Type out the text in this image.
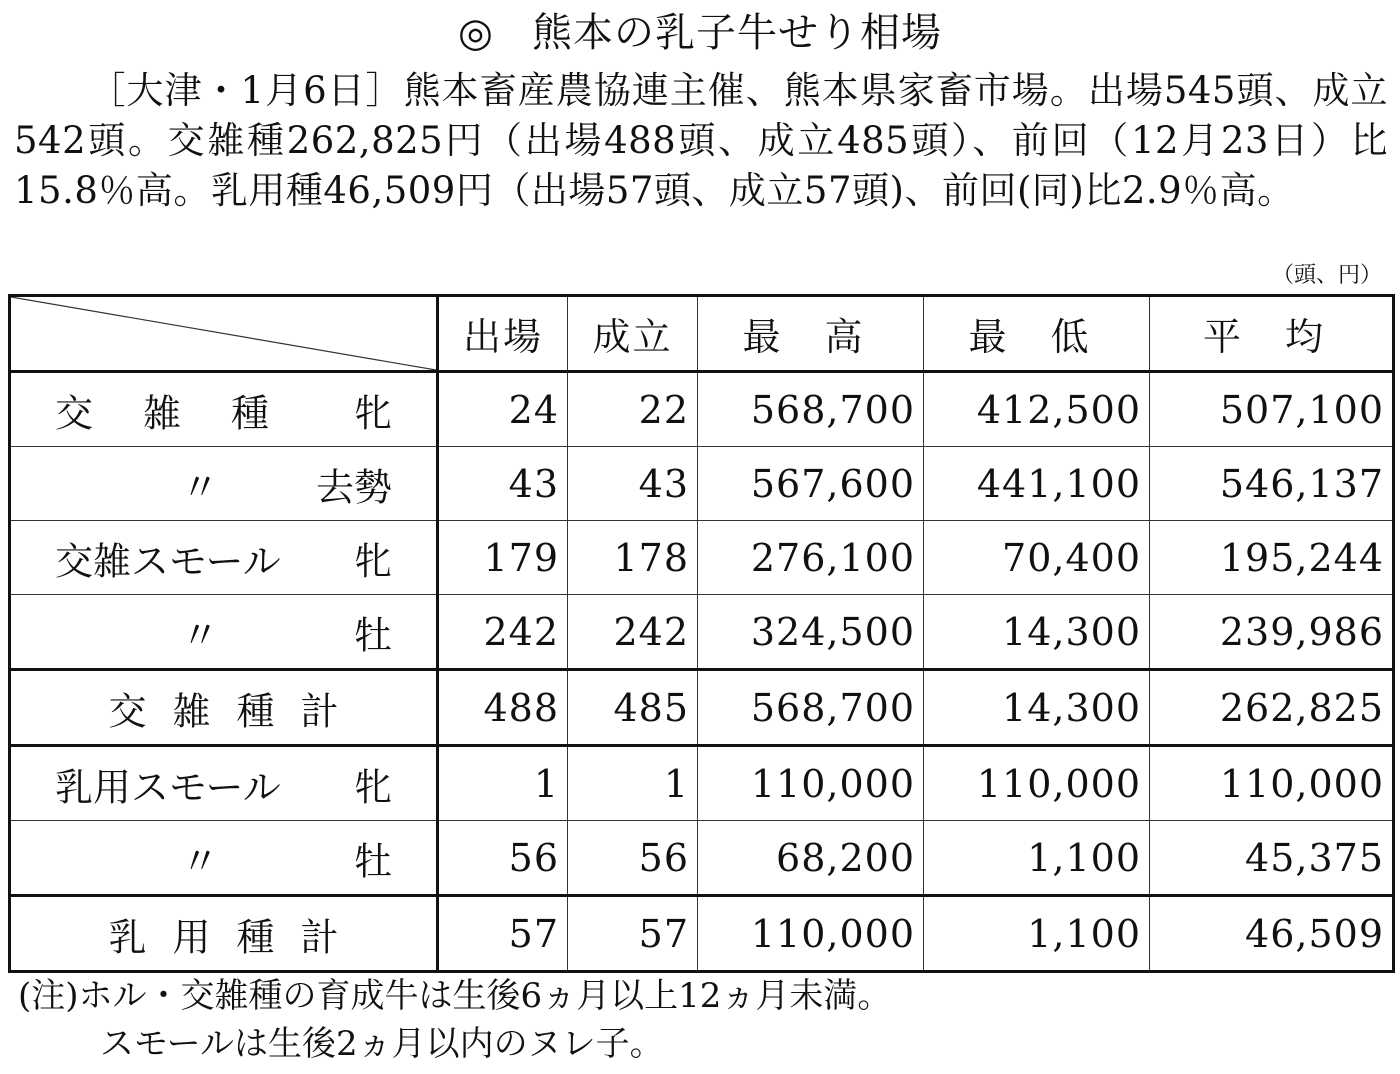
◎ 熊本の乳子牛せり相場
［大津・1月6日］熊本畜産農協連主催、熊本県家畜市場。出場545頭、成立542頭。交雑種262,825円（出場488頭、成立485頭）、前回（12月23日）比15.8％高。乳用種46,509円（出場57頭、成立57頭)、前回(同)比2.9％高。
（頭、円）
	出場	成立	最 高	最 低	平 均

交雑種 牝	24	22	568,700	412,500	507,100

〃 去勢	43	43	567,600	441,100	546,137

交雑スモール 牝	179	178	276,100	70,400	195,244

〃 牡	242	242	324,500	14,300	239,986

交雑種計	488	485	568,700	14,300	262,825

乳用スモール 牝	1	1	110,000	110,000	110,000

〃 牡	56	56	68,200	1,100	45,375

乳用種計	57	57	110,000	1,100	46,509
(注)ホル・交雑種の育成牛は生後6ヵ月以上12ヵ月未満。
スモールは生後2ヵ月以内のヌレ子。
